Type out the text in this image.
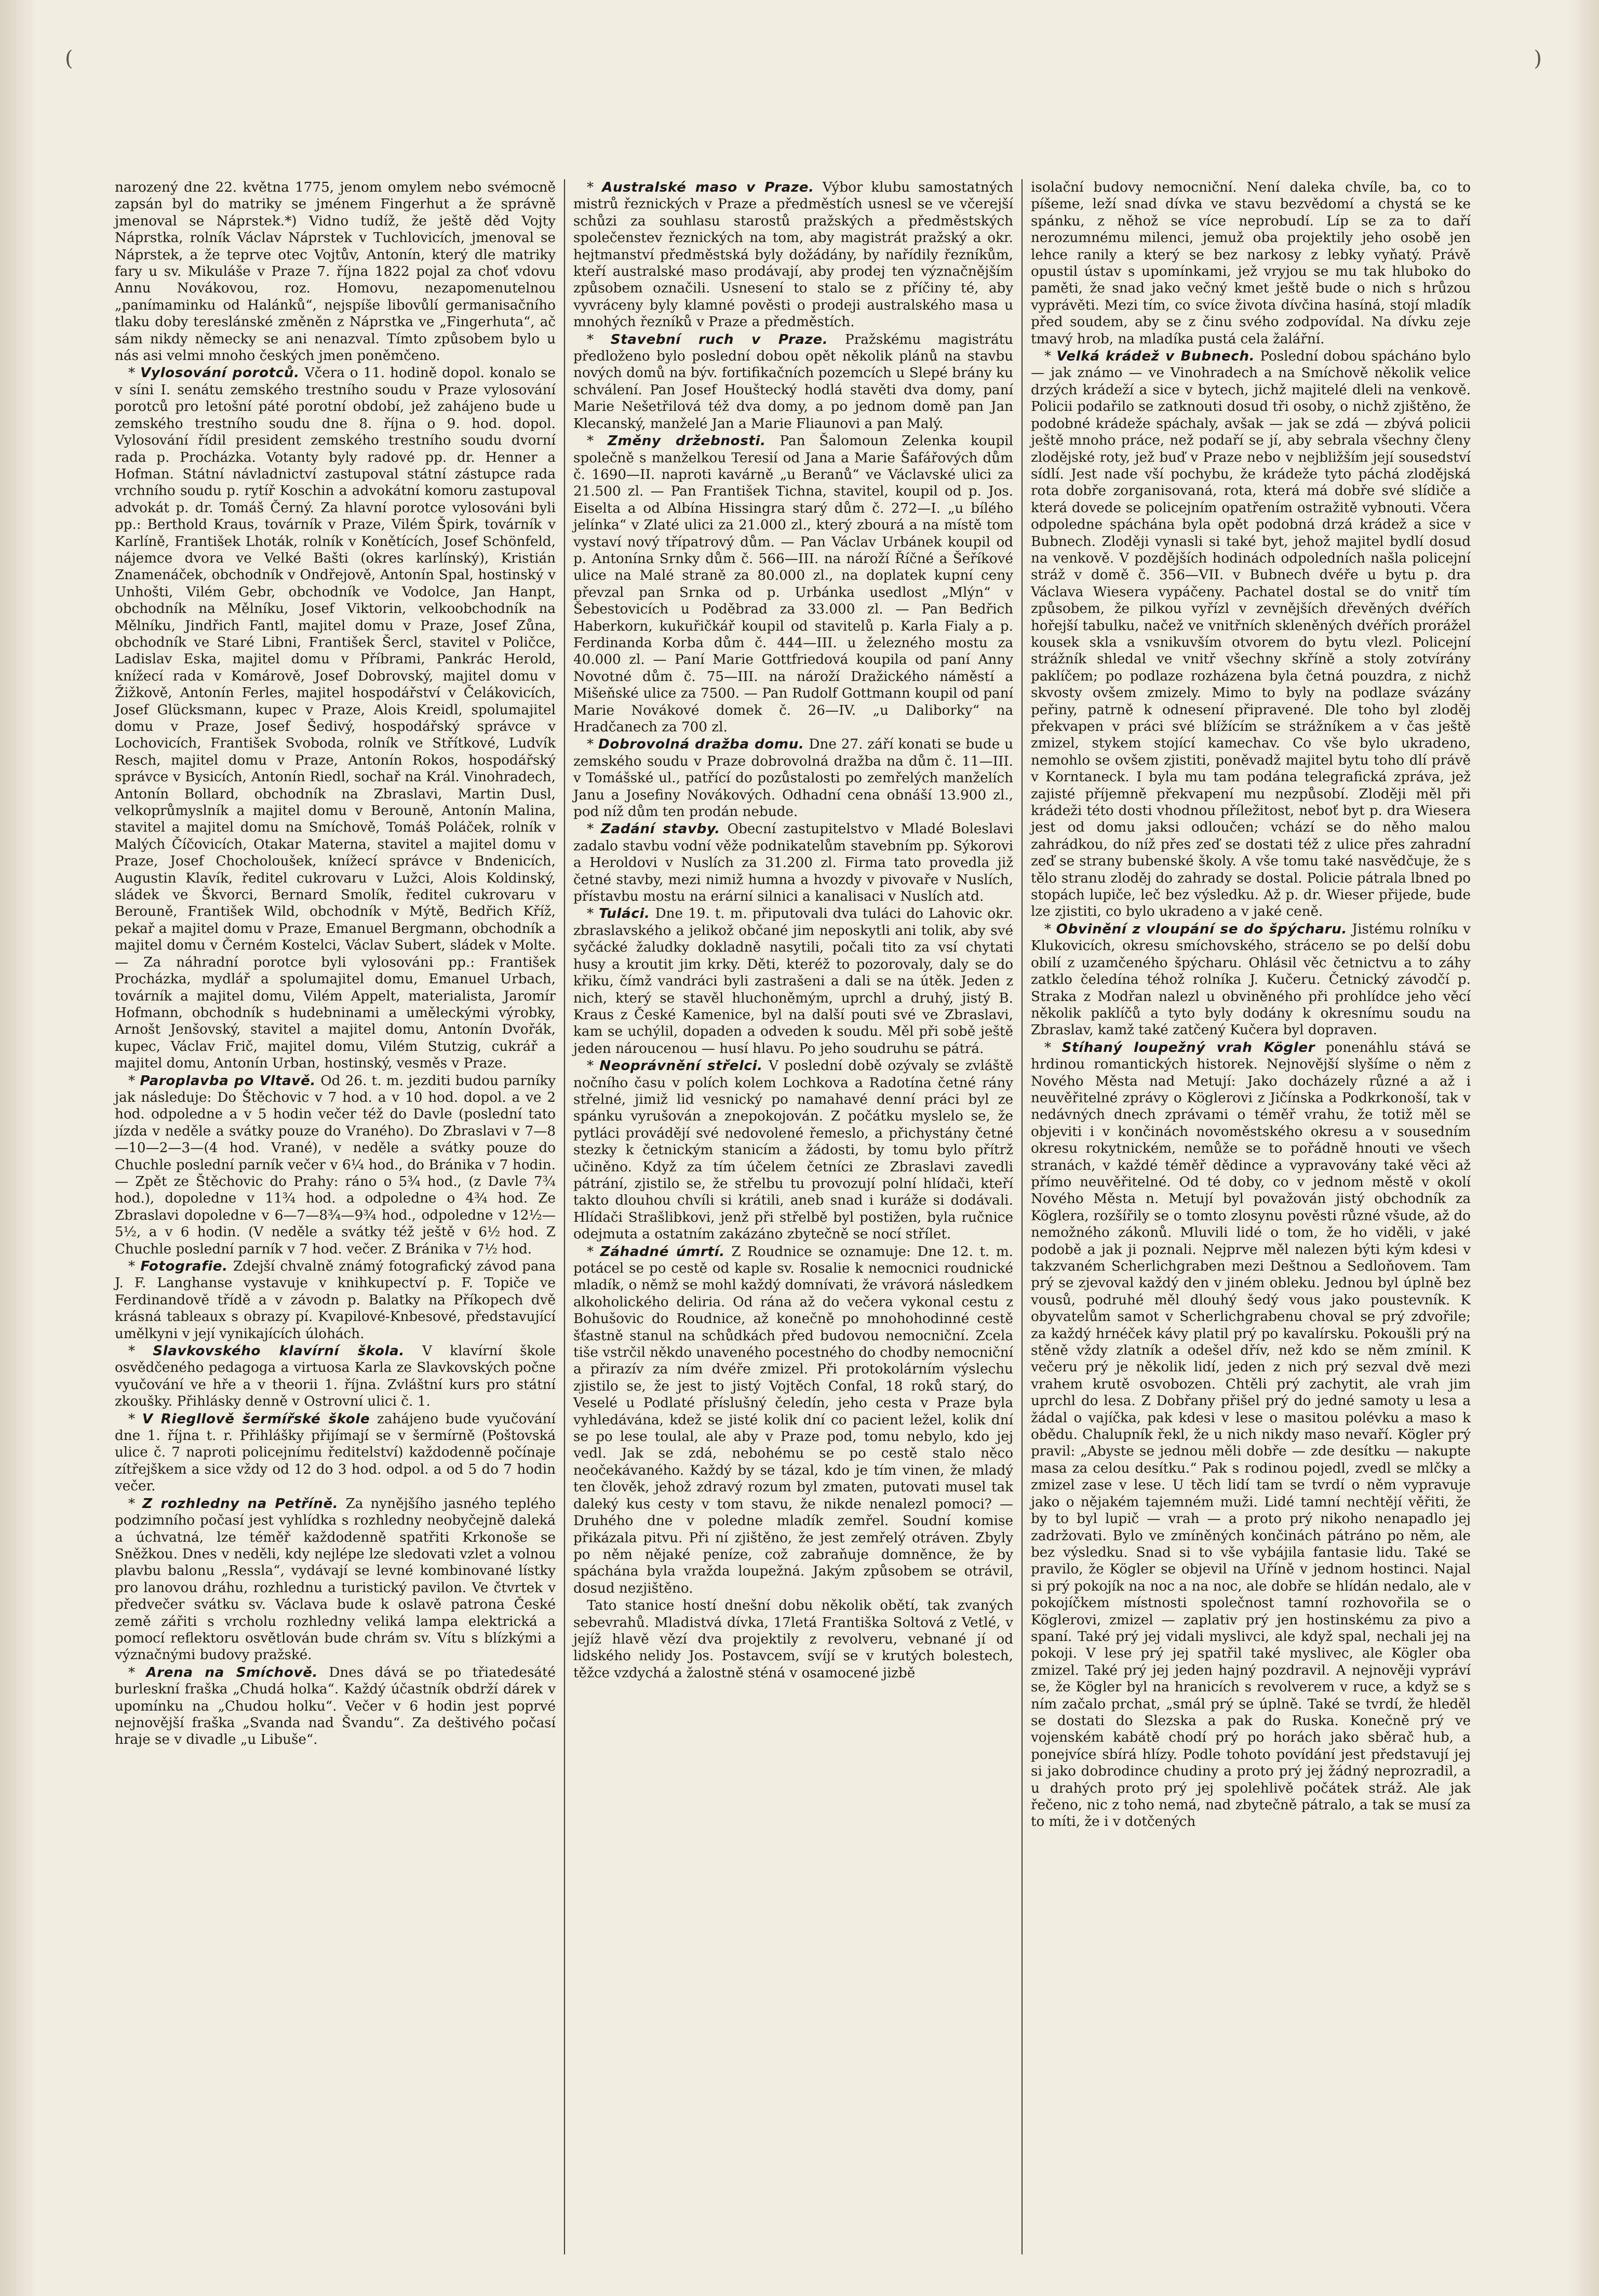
(	)

narozený dne 22. května 1775, jenom omylem nebo svémocně zapsán byl do matriky se jménem Fingerhut a že správně jmenoval se Náprstek.*) Vidno tudíž, že ještě děd Vojty Náprstka, rolník Václav Náprstek v Tuchlovicích, jmenoval se Náprstek, a že teprve otec Vojtův, Antonín, který dle matriky fary u sv. Mikuláše v Praze 7. října 1822 pojal za choť vdovu Annu Novákovou, roz. Homovu, nezapomenutelnou „panímaminku od Halánků“, nejspíše libovůlí germanisačního tlaku doby tereslánské změněn z Náprstka ve „Fingerhuta“, ač sám nikdy německy se ani nenazval. Tímto způsobem bylo u nás asi velmi mnoho českých jmen poněmčeno.

* Vylosování porotců. Včera o 11. hodině dopol. konalo se v síni I. senátu zemského trestního soudu v Praze vylosování porotců pro letošní páté porotní období, jež zahájeno bude u zemského trestního soudu dne 8. října o 9. hod. dopol. Vylosování řídil president zemského trestního soudu dvorní rada p. Procházka. Votanty byly radové pp. dr. Henner a Hofman. Státní návladnictví zastupoval státní zástupce rada vrchního soudu p. rytíř Koschin a advokátní komoru zastupoval advokát p. dr. Tomáš Černý. Za hlavní porotce vylosováni byli pp.: Berthold Kraus, továrník v Praze, Vilém Špirk, továrník v Karlíně, František Lhoták, rolník v Konětících, Josef Schönfeld, nájemce dvora ve Velké Bašti (okres karlínský), Kristián Znamenáček, obchodník v Ondřejově, Antonín Spal, hostinský v Unhošti, Vilém Gebr, obchodník ve Vodolce, Jan Hanpt, obchodník na Mělníku, Josef Viktorin, velkoobchodník na Mělníku, Jindřich Fantl, majitel domu v Praze, Josef Zůna, obchodník ve Staré Libni, František Šercl, stavitel v Poličce, Ladislav Eska, majitel domu v Příbrami, Pankrác Herold, knížecí rada v Komárově, Josef Dobrovský, majitel domu v Žižkově, Antonín Ferles, majitel hospodářství v Čelákovicích, Josef Glücksmann, kupec v Praze, Alois Kreidl, spolumajitel domu v Praze, Josef Šedivý, hospodářský správce v Lochovicích, František Svoboda, rolník ve Střítkové, Ludvík Resch, majitel domu v Praze, Antonín Rokos, hospodářský správce v Bysicích, Antonín Riedl, sochař na Král. Vinohradech, Antonín Bollard, obchodník na Zbraslavi, Martin Dusl, velkoprůmyslník a majitel domu v Berouně, Antonín Malina, stavitel a majitel domu na Smíchově, Tomáš Poláček, rolník v Malých Číčovicích, Otakar Materna, stavitel a majitel domu v Praze, Josef Chocholoušek, knížecí správce v Bndenicích, Augustin Klavík, ředitel cukrovaru v Lužci, Alois Koldinský, sládek ve Škvorci, Bernard Smolík, ředitel cukrovaru v Berouně, František Wild, obchodník v Mýtě, Bedřich Kříž, pekař a majitel domu v Praze, Emanuel Bergmann, obchodník a majitel domu v Černém Kostelci, Václav Subert, sládek v Molte. — Za náhradní porotce byli vylosováni pp.: František Procházka, mydlář a spolumajitel domu, Emanuel Urbach, továrník a majitel domu, Vilém Appelt, materialista, Jaromír Hofmann, obchodník s hudebninami a uměleckými výrobky, Arnošt Jenšovský, stavitel a majitel domu, Antonín Dvořák, kupec, Václav Frič, majitel domu, Vilém Stutzig, cukrář a majitel domu, Antonín Urban, hostinský, vesměs v Praze.

* Paroplavba po Vltavě. Od 26. t. m. jezditi budou parníky jak následuje: Do Štěchovic v 7 hod. a v 10 hod. dopol. a ve 2 hod. odpoledne a v 5 hodin večer též do Davle (poslední tato jízda v neděle a svátky pouze do Vraného). Do Zbraslavi v 7—8—10—2—3—(4 hod. Vrané), v neděle a svátky pouze do Chuchle poslední parník večer v 6¼ hod., do Bránika v 7 hodin. — Zpět ze Štěchovic do Prahy: ráno o 5¾ hod., (z Davle 7¾ hod.), dopoledne v 11¾ hod. a odpoledne o 4¾ hod. Ze Zbraslavi dopoledne v 6—7—8¾—9¾ hod., odpoledne v 12½—5½, a v 6 hodin. (V neděle a svátky též ještě v 6½ hod. Z Chuchle poslední parník v 7 hod. večer. Z Bránika v 7½ hod.

* Fotografie. Zdejší chvalně známý fotografický závod pana J. F. Langhanse vystavuje v knihkupectví p. F. Topiče ve Ferdinandově třídě a v závodn p. Balatky na Příkopech dvě krásná tableaux s obrazy pí. Kvapilové-Knbesové, představující umělkyni v její vynikajících úlohách.

* Slavkovského klavírní škola. V klavírní škole osvědčeného pedagoga a virtuosa Karla ze Slavkovských počne vyučování ve hře a v theorii 1. října. Zvláštní kurs pro státní zkoušky. Přihlásky denně v Ostrovní ulici č. 1.

* V Riegllově šermířské škole zahájeno bude vyučování dne 1. října t. r. Přihlášky přijímají se v šermírně (Poštovská ulice č. 7 naproti policejnímu ředitelství) každodenně počínaje zítřejškem a sice vždy od 12 do 3 hod. odpol. a od 5 do 7 hodin večer.

* Z rozhledny na Petříně. Za nynějšího jasného teplého podzimního počasí jest vyhlídka s rozhledny neobyčejně daleká a úchvatná, lze téměř každodenně spatřiti Krkonoše se Sněžkou. Dnes v neděli, kdy nejlépe lze sledovati vzlet a volnou plavbu balonu „Ressla“, vydávají se levné kombinované lístky pro lanovou dráhu, rozhlednu a turistický pavilon. Ve čtvrtek v předvečer svátku sv. Václava bude k oslavě patrona České země zářiti s vrcholu rozhledny veliká lampa elektrická a pomocí reflektoru osvětlován bude chrám sv. Vítu s blízkými a význačnými budovy pražské.

* Arena na Smíchově. Dnes dává se po třiatedesáté burleskní fraška „Chudá holka“. Každý účastník obdrží dárek v upomínku na „Chudou holku“. Večer v 6 hodin jest poprvé nejnovější fraška „Svanda nad Švandu“. Za deštivého počasí hraje se v divadle „u Libuše“.

* Australské maso v Praze. Výbor klubu samostatných mistrů řeznických v Praze a předměstích usnesl se ve včerejší schůzi za souhlasu starostů pražských a předměstských společenstev řeznických na tom, aby magistrát pražský a okr. hejtmanství předměstská byly dožádány, by nařídily řezníkům, kteří australské maso prodávají, aby prodej ten význačnějším způsobem označili. Usnesení to stalo se z příčiny té, aby vyvráceny byly klamné pověsti o prodeji australského masa u mnohých řezníků v Praze a předměstích.

* Stavební ruch v Praze. Pražskému magistrátu předloženo bylo poslední dobou opět několik plánů na stavbu nových domů na býv. fortifikačních pozemcích u Slepé brány ku schválení. Pan Josef Houštecký hodlá stavěti dva domy, paní Marie Nešetřilová též dva domy, a po jednom domě pan Jan Klecanský, manželé Jan a Marie Fliaunovi a pan Malý.

* Změny držebnosti. Pan Šalomoun Zelenka koupil společně s manželkou Teresií od Jana a Marie Šafářových dům č. 1690—II. naproti kavárně „u Beranů“ ve Václavské ulici za 21.500 zl. — Pan František Tichna, stavitel, koupil od p. Jos. Eiselta a od Albína Hissingra starý dům č. 272—I. „u bílého jelínka“ v Zlaté ulici za 21.000 zl., který zbourá a na místě tom vystaví nový třípatrový dům. — Pan Václav Urbánek koupil od p. Antonína Srnky dům č. 566—III. na nároží Říčné a Šeříkové ulice na Malé straně za 80.000 zl., na doplatek kupní ceny převzal pan Srnka od p. Urbánka usedlost „Mlýn“ v Šebestovicích u Poděbrad za 33.000 zl. — Pan Bedřich Haberkorn, kukuřičkář koupil od stavitelů p. Karla Fialy a p. Ferdinanda Korba dům č. 444—III. u železného mostu za 40.000 zl. — Paní Marie Gottfriedová koupila od paní Anny Novotné dům č. 75—III. na nároží Dražického náměstí a Mišeňské ulice za 7500. — Pan Rudolf Gottmann koupil od paní Marie Novákové domek č. 26—IV. „u Daliborky“ na Hradčanech za 700 zl.

* Dobrovolná dražba domu. Dne 27. září konati se bude u zemského soudu v Praze dobrovolná dražba na dům č. 11—III. v Tomášské ul., patřící do pozůstalosti po zemřelých manželích Janu a Josefiny Novákových. Odhadní cena obnáší 13.900 zl., pod níž dům ten prodán nebude.

* Zadání stavby. Obecní zastupitelstvo v Mladé Boleslavi zadalo stavbu vodní věže podnikatelům stavebním pp. Sýkorovi a Heroldovi v Nuslích za 31.200 zl. Firma tato provedla již četné stavby, mezi nimiž humna a hvozdy v pivovaře v Nuslích, přístavbu mostu na erární silnici a kanalisaci v Nuslích atd.

* Tuláci. Dne 19. t. m. připutovali dva tuláci do Lahovic okr. zbraslavského a jelikož občané jim neposkytli ani tolik, aby své syčácké žaludky dokladně nasytili, počali tito za vsí chytati husy a kroutit jim krky. Děti, kteréž to pozorovaly, daly se do křiku, čímž vandráci byli zastrašeni a dali se na útěk. Jeden z nich, který se stavěl hluchoněmým, uprchl a druhý, jistý B. Kraus z České Kamenice, byl na další pouti své ve Zbraslavi, kam se uchýlil, dopaden a odveden k soudu. Měl při sobě ještě jeden nároucenou — husí hlavu. Po jeho soudruhu se pátrá.

* Neoprávnění střelci. V poslední době ozývaly se zvláště nočního času v polích kolem Lochkova a Radotína četné rány střelné, jimiž lid vesnický po namahavé denní práci byl ze spánku vyrušován a znepokojován. Z počátku myslelo se, že pytláci provádějí své nedovolené řemeslo, a přichystány četné stezky k četnickým stanicím a žádosti, by tomu bylo přítrž učiněno. Když za tím účelem četníci ze Zbraslavi zavedli pátrání, zjistilo se, že střelbu tu provozují polní hlídači, kteří takto dlouhou chvíli si krátili, aneb snad i kuráže si dodávali. Hlídači Strašlibkovi, jenž při střelbě byl postižen, byla ručnice odejmuta a ostatním zakázáno zbytečně se nocí střílet.

* Záhadné úmrtí. Z Roudnice se oznamuje: Dne 12. t. m. potácel se po cestě od kaple sv. Rosalie k nemocnici roudnické mladík, o němž se mohl každý domnívati, že vrávorá následkem alkoholického deliria. Od rána až do večera vykonal cestu z Bohušovic do Roudnice, až konečně po mnohohodinné cestě šťastně stanul na schůdkách před budovou nemocniční. Zcela tiše vstrčil někdo unaveného pocestného do chodby nemocniční a přirazív za ním dvéře zmizel. Při protokolárním výslechu zjistilo se, že jest to jistý Vojtěch Confal, 18 roků starý, do Veselé u Podlaté příslušný čeledín, jeho cesta v Praze byla vyhledávána, kdež se jisté kolik dní co pacient ležel, kolik dní se po lese toulal, ale aby v Praze pod, tomu nebylo, kdo jej vedl. Jak se zdá, nebohému se po cestě stalo něco neočekávaného. Každý by se tázal, kdo je tím vinen, že mladý ten člověk, jehož zdravý rozum byl zmaten, putovati musel tak daleký kus cesty v tom stavu, že nikde nenalezl pomoci? — Druhého dne v poledne mladík zemřel. Soudní komise přikázala pitvu. Při ní zjištěno, že jest zemřelý otráven. Zbyly po něm nějaké peníze, což zabraňuje domněnce, že by spáchána byla vražda loupežná. Jakým způsobem se otrávil, dosud nezjištěno.

Tato stanice hostí dnešní dobu několik obětí, tak zvaných sebevrahů. Mladistvá dívka, 17letá Františka Soltová z Vetlé, v jejíž hlavě vězí dva projektily z revolveru, vebnané jí od lidského nelidy Jos. Postavcem, svíjí se v krutých bolestech, těžce vzdychá a žalostně sténá v osamocené jizbě

isolační budovy nemocniční. Není daleka chvíle, ba, co to píšeme, leží snad dívka ve stavu bezvědomí a chystá se ke spánku, z něhož se více neprobudí. Líp se za to daří nerozumnému milenci, jemuž oba projektily jeho osobě jen lehce ranily a který se bez narkosy z lebky vyňatý. Právě opustil ústav s upomínkami, jež vryjou se mu tak hluboko do paměti, že snad jako večný kmet ještě bude o nich s hrůzou vyprávěti. Mezi tím, co svíce života dívčina hasíná, stojí mladík před soudem, aby se z činu svého zodpovídal. Na dívku zeje tmavý hrob, na mladíka pustá cela žalářní.

* Velká krádež v Bubnech. Poslední dobou spácháno bylo — jak známo — ve Vinohradech a na Smíchově několik velice drzých krádeží a sice v bytech, jichž majitelé dleli na venkově. Policii podařilo se zatknouti dosud tři osoby, o nichž zjištěno, že podobné krádeže spáchaly, avšak — jak se zdá — zbývá policii ještě mnoho práce, než podaří se jí, aby sebrala všechny členy zlodějské roty, jež buď v Praze nebo v nejbližším její sousedství sídlí. Jest nade vší pochybu, že krádeže tyto páchá zlodějská rota dobře zorganisovaná, rota, která má dobře své slídiče a která dovede se policejním opatřením ostražitě vybnouti. Včera odpoledne spáchána byla opět podobná drzá krádež a sice v Bubnech. Zloději vynasli si také byt, jehož majitel bydlí dosud na venkově. V pozdějších hodinách odpoledních našla policejní stráž v domě č. 356—VII. v Bubnech dvéře u bytu p. dra Václava Wiesera vypáčeny. Pachatel dostal se do vnitř tím způsobem, že pilkou vyřízl v zevnějších dřevěných dvéřích hořejší tabulku, načež ve vnitřních skleněných dvéřích prorážel kousek skla a vsnikuvším otvorem do bytu vlezl. Policejní strážník shledal ve vnitř všechny skříně a stoly zotvírány paklíčem; po podlaze rozházena byla četná pouzdra, z nichž skvosty ovšem zmizely. Mimo to byly na podlaze svázány peřiny, patrně k odnesení připravené. Dle toho byl zloděj překvapen v práci své blížícím se strážníkem a v čas ještě zmizel, stykem stojící kamechav. Co vše bylo ukradeno, nemohlo se ovšem zjistiti, poněvadž majitel bytu toho dlí právě v Korntaneck. I byla mu tam podána telegrafická zpráva, jež zajisté příjemně překvapení mu nezpůsobí. Zloději měl při krádeži této dosti vhodnou příležitost, neboť byt p. dra Wiesera jest od domu jaksi odloučen; vchází se do něho malou zahrádkou, do níž přes zeď se dostati též z ulice přes zahradní zeď se strany bubenské školy. A vše tomu také nasvědčuje, že s tělo stranu zloděj do zahrady se dostal. Policie pátrala lbned po stopách lupiče, leč bez výsledku. Až p. dr. Wieser přijede, bude lze zjistiti, co bylo ukradeno a v jaké ceně.

* Obvinění z vloupání se do špýcharu. Jistému rolníku v Klukovicích, okresu smíchovského, stráceло se po delší dobu obilí z uzamčeného špýcharu. Ohlásil věc četnictvu a to záhy zatklo čeledína téhož rolníka J. Kučeru. Četnický závodčí p. Straka z Modřan nalezl u obviněného při prohlídce jeho věcí několik paklíčů a tyto byly dodány k okresnímu soudu na Zbraslav, kamž také zatčený Kučera byl dopraven.

* Stíhaný loupežný vrah Kögler ponenáhlu stává se hrdinou romantických historek. Nejnovější slyšíme o něm z Nového Města nad Metují: Jako docházely různé a až i neuvěřitelné zprávy o Köglerovi z Jičínska a Podkrkonoší, tak v nedávných dnech zprávami o téměř vrahu, že totiž měl se objeviti i v končinách novoměstského okresu a v sousedním okresu rokytnickém, nemůže se to pořádně hnouti ve všech stranách, v každé téměř dědince a vypravovány také věci až přímo neuvěřitelné. Od té doby, co v jednom městě v okolí Nového Města n. Metují byl považován jistý obchodník za Köglera, rozšířily se o tomto zlosynu pověsti různé všude, až do nemožného zákonů. Mluvili lidé o tom, že ho viděli, v jaké podobě a jak ji poznali. Nejprve měl nalezen býti kým kdesi v takzvaném Scherlichgraben mezi Deštnou a Sedloňovem. Tam prý se zjevoval každý den v jiném obleku. Jednou byl úplně bez vousů, podruhé měl dlouhý šedý vous jako poustevník. K obyvatelům samot v Scherlichgrabenu choval se prý zdvořile; za každý hrnéček kávy platil prý po kavalírsku. Pokoušli prý na stěně vždy zlatník a odešel dřív, než kdo se něm zmínil. K večeru prý je několik lidí, jeden z nich prý sezval dvě mezi vrahem krutě osvobozen. Chtěli prý zachytit, ale vrah jim uprchl do lesa. Z Dobřany přišel prý do jedné samoty u lesa a žádal o vajíčka, pak kdesi v lese o masitou polévku a maso k obědu. Chalupník řekl, že u nich nikdy maso nevaří. Kögler prý pravil: „Abyste se jednou měli dobře — zde desítku — nakupte masa za celou desítku.“ Pak s rodinou pojedl, zvedl se mlčky a zmizel zase v lese. U těch lidí tam se tvrdí o něm vypravuje jako o nějakém tajemném muži. Lidé tamní nechtějí věřiti, že by to byl lupič — vrah — a proto prý nikoho nenapadlo jej zadržovati. Bylo ve zmíněných končinách pátráno po něm, ale bez výsledku. Snad si to vše vybájila fantasie lidu. Také se pravilo, že Kögler se objevil na Uříně v jednom hostinci. Najal si prý pokojík na noc a na noc, ale dobře se hlídán nedalo, ale v pokojíčkem místnosti společnost tamní rozhovořila se o Köglerovi, zmizel — zaplativ prý jen hostinskému za pivo a spaní. Také prý jej vidali myslivci, ale když spal, nechali jej na pokoji. V lese prý jej spatřil také myslivec, ale Kögler oba zmizel. Také prý jej jeden hajný pozdravil. A nejnověji vypráví se, že Kögler byl na hranicích s revolverem v ruce, a když se s ním začalo prchat, „smál prý se úplně. Také se tvrdí, že hleděl se dostati do Slezska a pak do Ruska. Konečně prý ve vojenském kabátě chodí prý po horách jako sběrač hub, a ponejvíce sbírá hlízy. Podle tohoto povídání jest představují jej si jako dobrodince chudiny a proto prý jej žádný neprozradil, a u drahých proto prý jej spolehlivě počátek stráž. Ale jak řečeno, nic z toho nemá, nad zbytečně pátralo, a tak se musí za to míti, že i v dotčených
